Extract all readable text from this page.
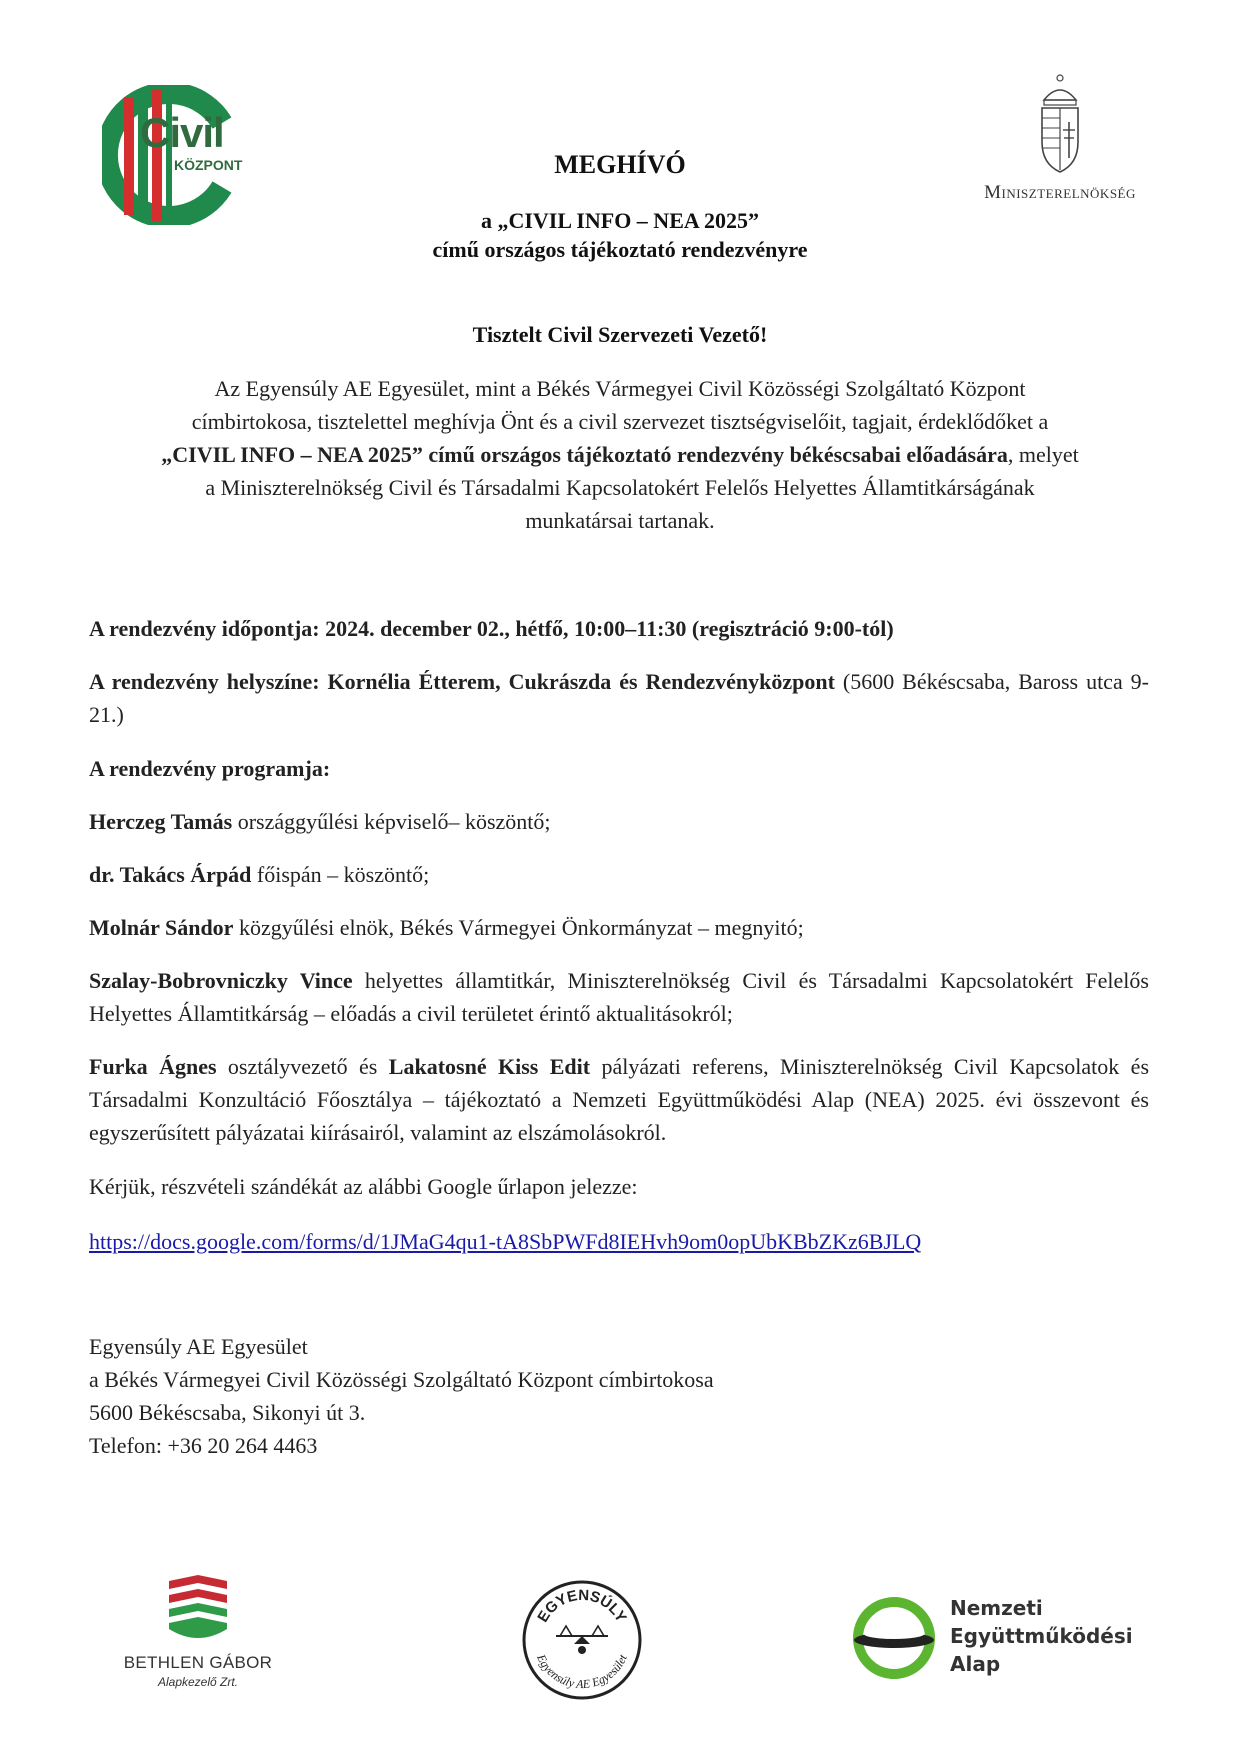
Civil
KÖZPONT	MEGHÍVÓ
a „CIVIL INFO – NEA 2025”
című országos tájékoztató rendezvényre
Miniszterelnökség
Tisztelt Civil Szervezeti Vezető!
Az Egyensúly AE Egyesület, mint a Békés Vármegyei Civil Közösségi Szolgáltató Központ
címbirtokosa, tisztelettel meghívja Önt és a civil szervezet tisztségviselőit, tagjait, érdeklődőket a
„CIVIL INFO – NEA 2025” című országos tájékoztató rendezvény békéscsabai előadására, melyet
a Miniszterelnökség Civil és Társadalmi Kapcsolatokért Felelős Helyettes Államtitkárságának
munkatársai tartanak.
A rendezvény időpontja: 2024. december 02., hétfő, 10:00–11:30 (regisztráció 9:00-tól)
A rendezvény helyszíne: Kornélia Étterem, Cukrászda és Rendezvényközpont (5600 Békéscsaba, Baross utca 9-21.)
A rendezvény programja:
Herczeg Tamás országgyűlési képviselő– köszöntő;
dr. Takács Árpád főispán – köszöntő;
Molnár Sándor közgyűlési elnök, Békés Vármegyei Önkormányzat – megnyitó;
Szalay-Bobrovniczky Vince helyettes államtitkár, Miniszterelnökség Civil és Társadalmi Kapcsolatokért Felelős Helyettes Államtitkárság – előadás a civil területet érintő aktualitásokról;
Furka Ágnes osztályvezető és Lakatosné Kiss Edit pályázati referens, Miniszterelnökség Civil Kapcsolatok és Társadalmi Konzultáció Főosztálya – tájékoztató a Nemzeti Együttműködési Alap (NEA) 2025. évi összevont és egyszerűsített pályázatai kiírásairól, valamint az elszámolásokról.
Kérjük, részvételi szándékát az alábbi Google űrlapon jelezze:
https://docs.google.com/forms/d/1JMaG4qu1-tA8SbPWFd8IEHvh9om0opUbKBbZKz6BJLQ
Egyensúly AE Egyesület
a Békés Vármegyei Civil Közösségi Szolgáltató Központ címbirtokosa
5600 Békéscsaba, Sikonyi út 3.
Telefon: +36 20 264 4463
BETHLEN GÁBOR
Alapkezelő Zrt.
EGYENSÚLY
Egyensúly AE Egyesület
Nemzeti
Együttműködési
Alap
